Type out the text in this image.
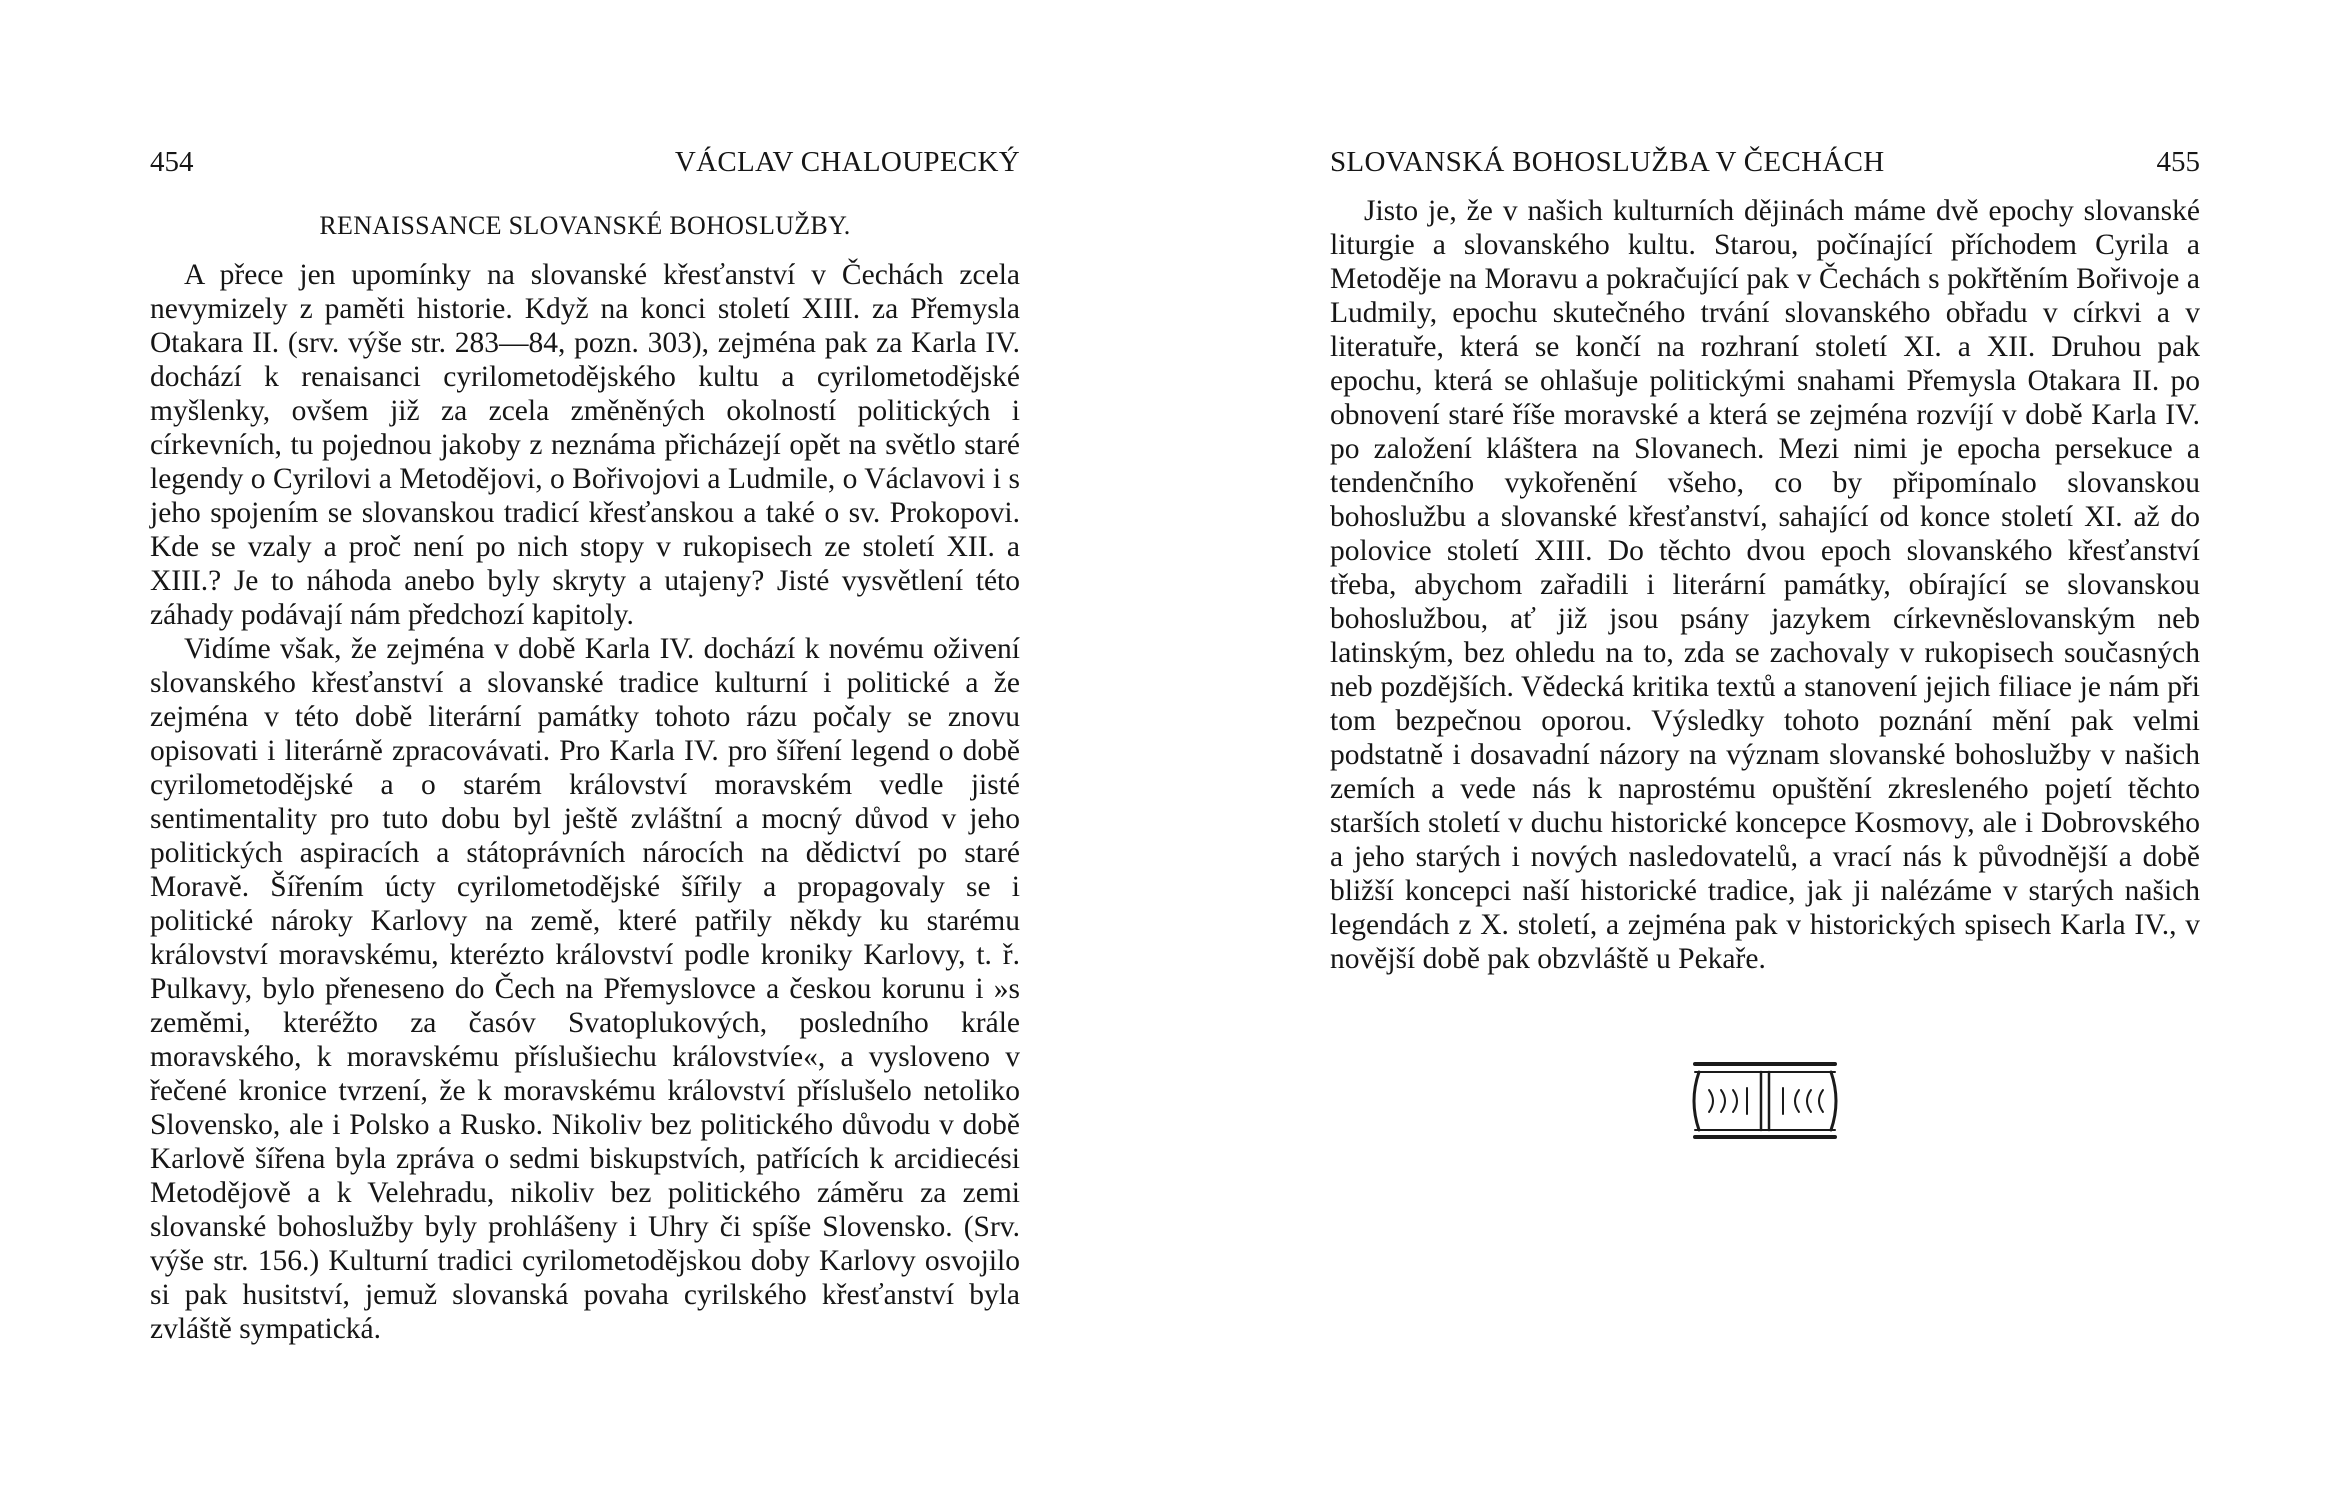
454	VÁCLAV CHALOUPECKÝ
RENAISSANCE SLOVANSKÉ BOHOSLUŽBY.

A přece jen upomínky na slovanské křesťanství v Čechách zcela nevymizely z paměti historie. Když na konci století XIII. za Přemysla Otakara II. (srv. výše str. 283—84, pozn. 303), zejména pak za Karla IV. dochází k renaisanci cyrilometodějského kultu a cyrilometodějské myšlenky, ovšem již za zcela změněných okolností politických i církevních, tu pojednou jakoby z neznáma přicházejí opět na světlo staré legendy o Cyrilovi a Metodějovi, o Bořivojovi a Ludmile, o Václavovi i s jeho spojením se slovanskou tradicí křesťanskou a také o sv. Prokopovi. Kde se vzaly a proč není po nich stopy v rukopisech ze století XII. a XIII.? Je to náhoda anebo byly skryty a utajeny? Jisté vysvětlení této záhady podávají nám předchozí kapitoly.

Vidíme však, že zejména v době Karla IV. dochází k novému oživení slovanského křesťanství a slovanské tradice kulturní i politické a že zejména v této době literární památky tohoto rázu počaly se znovu opisovati i literárně zpracovávati. Pro Karla IV. pro šíření legend o době cyrilometodějské a o starém království moravském vedle jisté sentimentality pro tuto dobu byl ještě zvláštní a mocný důvod v jeho politických aspiracích a státoprávních nárocích na dědictví po staré Moravě. Šířením úcty cyrilometodějské šířily a propagovaly se i politické nároky Karlovy na země, které patřily někdy ku starému království moravskému, kterézto království podle kroniky Karlovy, t. ř. Pulkavy, bylo přeneseno do Čech na Přemyslovce a českou korunu i »s zeměmi, kteréžto za časóv Svatoplukových, posledního krále moravského, k moravskému příslušiechu královstvíe«, a vysloveno v řečené kronice tvrzení, že k moravskému království příslušelo netoliko Slovensko, ale i Polsko a Rusko. Nikoliv bez politického důvodu v době Karlově šířena byla zpráva o sedmi biskupstvích, patřících k arcidiecési Metodějově a k Velehradu, nikoliv bez politického záměru za zemi slovanské bohoslužby byly prohlášeny i Uhry či spíše Slovensko. (Srv. výše str. 156.) Kulturní tradici cyrilometodějskou doby Karlovy osvojilo si pak husitství, jemuž slovanská povaha cyrilského křesťanství byla zvláště sympatická.

SLOVANSKÁ BOHOSLUŽBA V ČECHÁCH	455

Jisto je, že v našich kulturních dějinách máme dvě epochy slovanské liturgie a slovanského kultu. Starou, počínající příchodem Cyrila a Metoděje na Moravu a pokračující pak v Čechách s pokřtěním Bořivoje a Ludmily, epochu skutečného trvání slovanského obřadu v církvi a v literatuře, která se končí na rozhraní století XI. a XII. Druhou pak epochu, která se ohlašuje politickými snahami Přemysla Otakara II. po obnovení staré říše moravské a která se zejména rozvíjí v době Karla IV. po založení kláštera na Slovanech. Mezi nimi je epocha persekuce a tendenčního vykořenění všeho, co by připomínalo slovanskou bohoslužbu a slovanské křesťanství, sahající od konce století XI. až do polovice století XIII. Do těchto dvou epoch slovanského křesťanství třeba, abychom zařadili i literární památky, obírající se slovanskou bohoslužbou, ať již jsou psány jazykem církevněslovanským neb latinským, bez ohledu na to, zda se zachovaly v rukopisech současných neb pozdějších. Vědecká kritika textů a stanovení jejich filiace je nám při tom bezpečnou oporou. Výsledky tohoto poznání mění pak velmi podstatně i dosavadní názory na význam slovanské bohoslužby v našich zemích a vede nás k naprostému opuštění zkresleného pojetí těchto starších století v duchu historické koncepce Kosmovy, ale i Dobrovského a jeho starých i nových nasledovatelů, a vrací nás k původnější a době bližší koncepci naší historické tradice, jak ji nalézáme v starých našich legendách z X. století, a zejména pak v historických spisech Karla IV., v novější době pak obzvláště u Pekaře.
